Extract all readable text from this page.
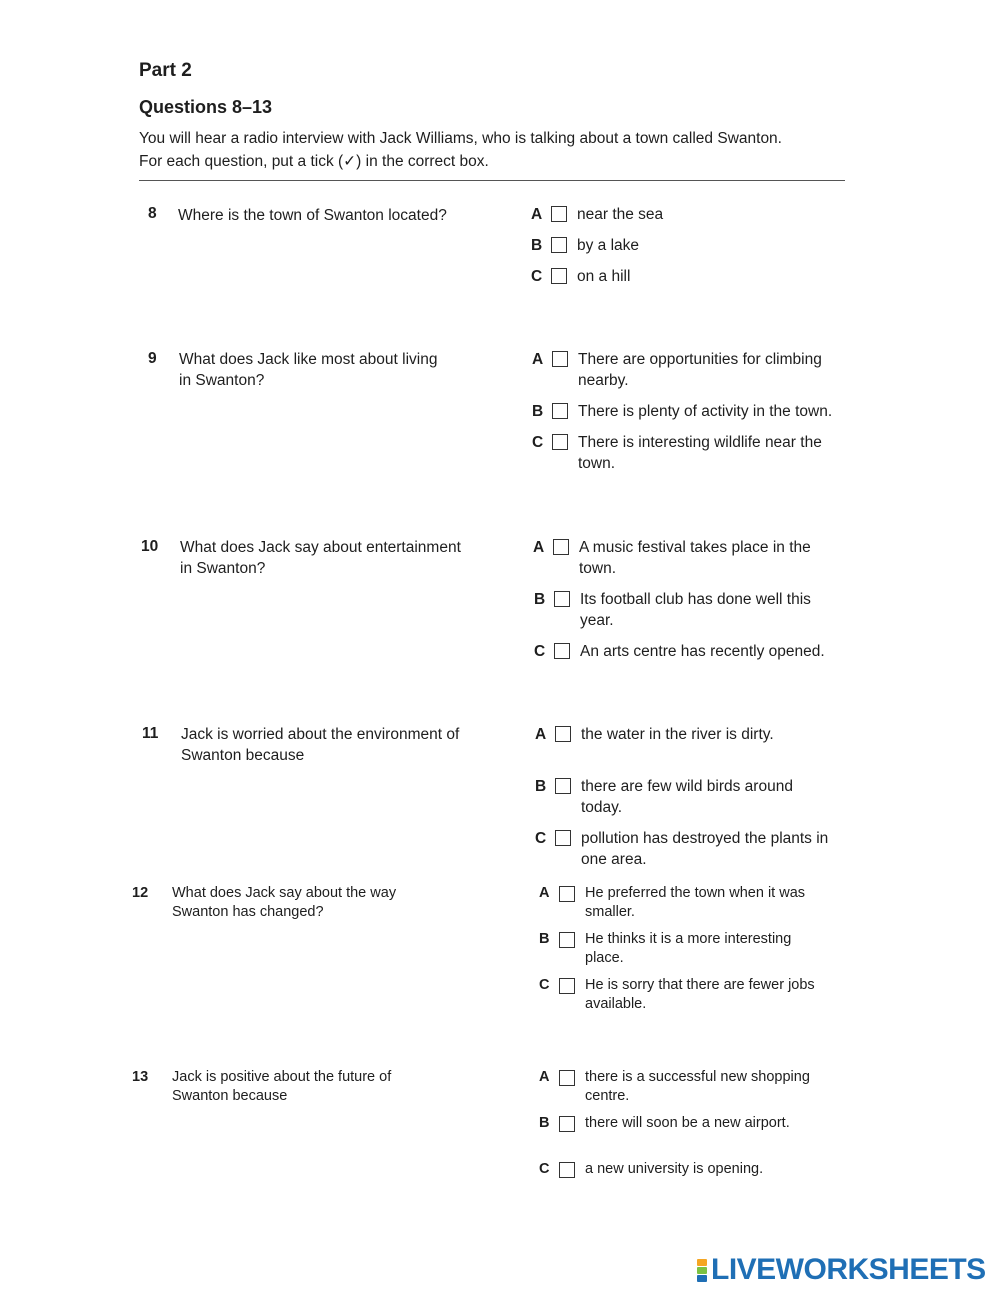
Part 2
Questions 8–13
You will hear a radio interview with Jack Williams, who is talking about a town called Swanton.
For each question, put a tick (✓) in the correct box.
8 Where is the town of Swanton located?	A	near the sea
B	by a lake
C	on a hill
9 What does Jack like most about living
in Swanton?
A	There are opportunities for climbing
nearby.
B	There is plenty of activity in the town.
C	There is interesting wildlife near the
town.
10 What does Jack say about entertainment
in Swanton?
A	A music festival takes place in the
town.
B	Its football club has done well this
year.
C	An arts centre has recently opened.
11 Jack is worried about the environment of
Swanton because
A	the water in the river is dirty.
B	there are few wild birds around
today.
C	pollution has destroyed the plants in
one area.
12 What does Jack say about the way
Swanton has changed?
A	He preferred the town when it was
smaller.
B	He thinks it is a more interesting
place.
C	He is sorry that there are fewer jobs
available.
13 Jack is positive about the future of
Swanton because
A	there is a successful new shopping
centre.
B	there will soon be a new airport.
C	a new university is opening.
LIVEWORKSHEETS
